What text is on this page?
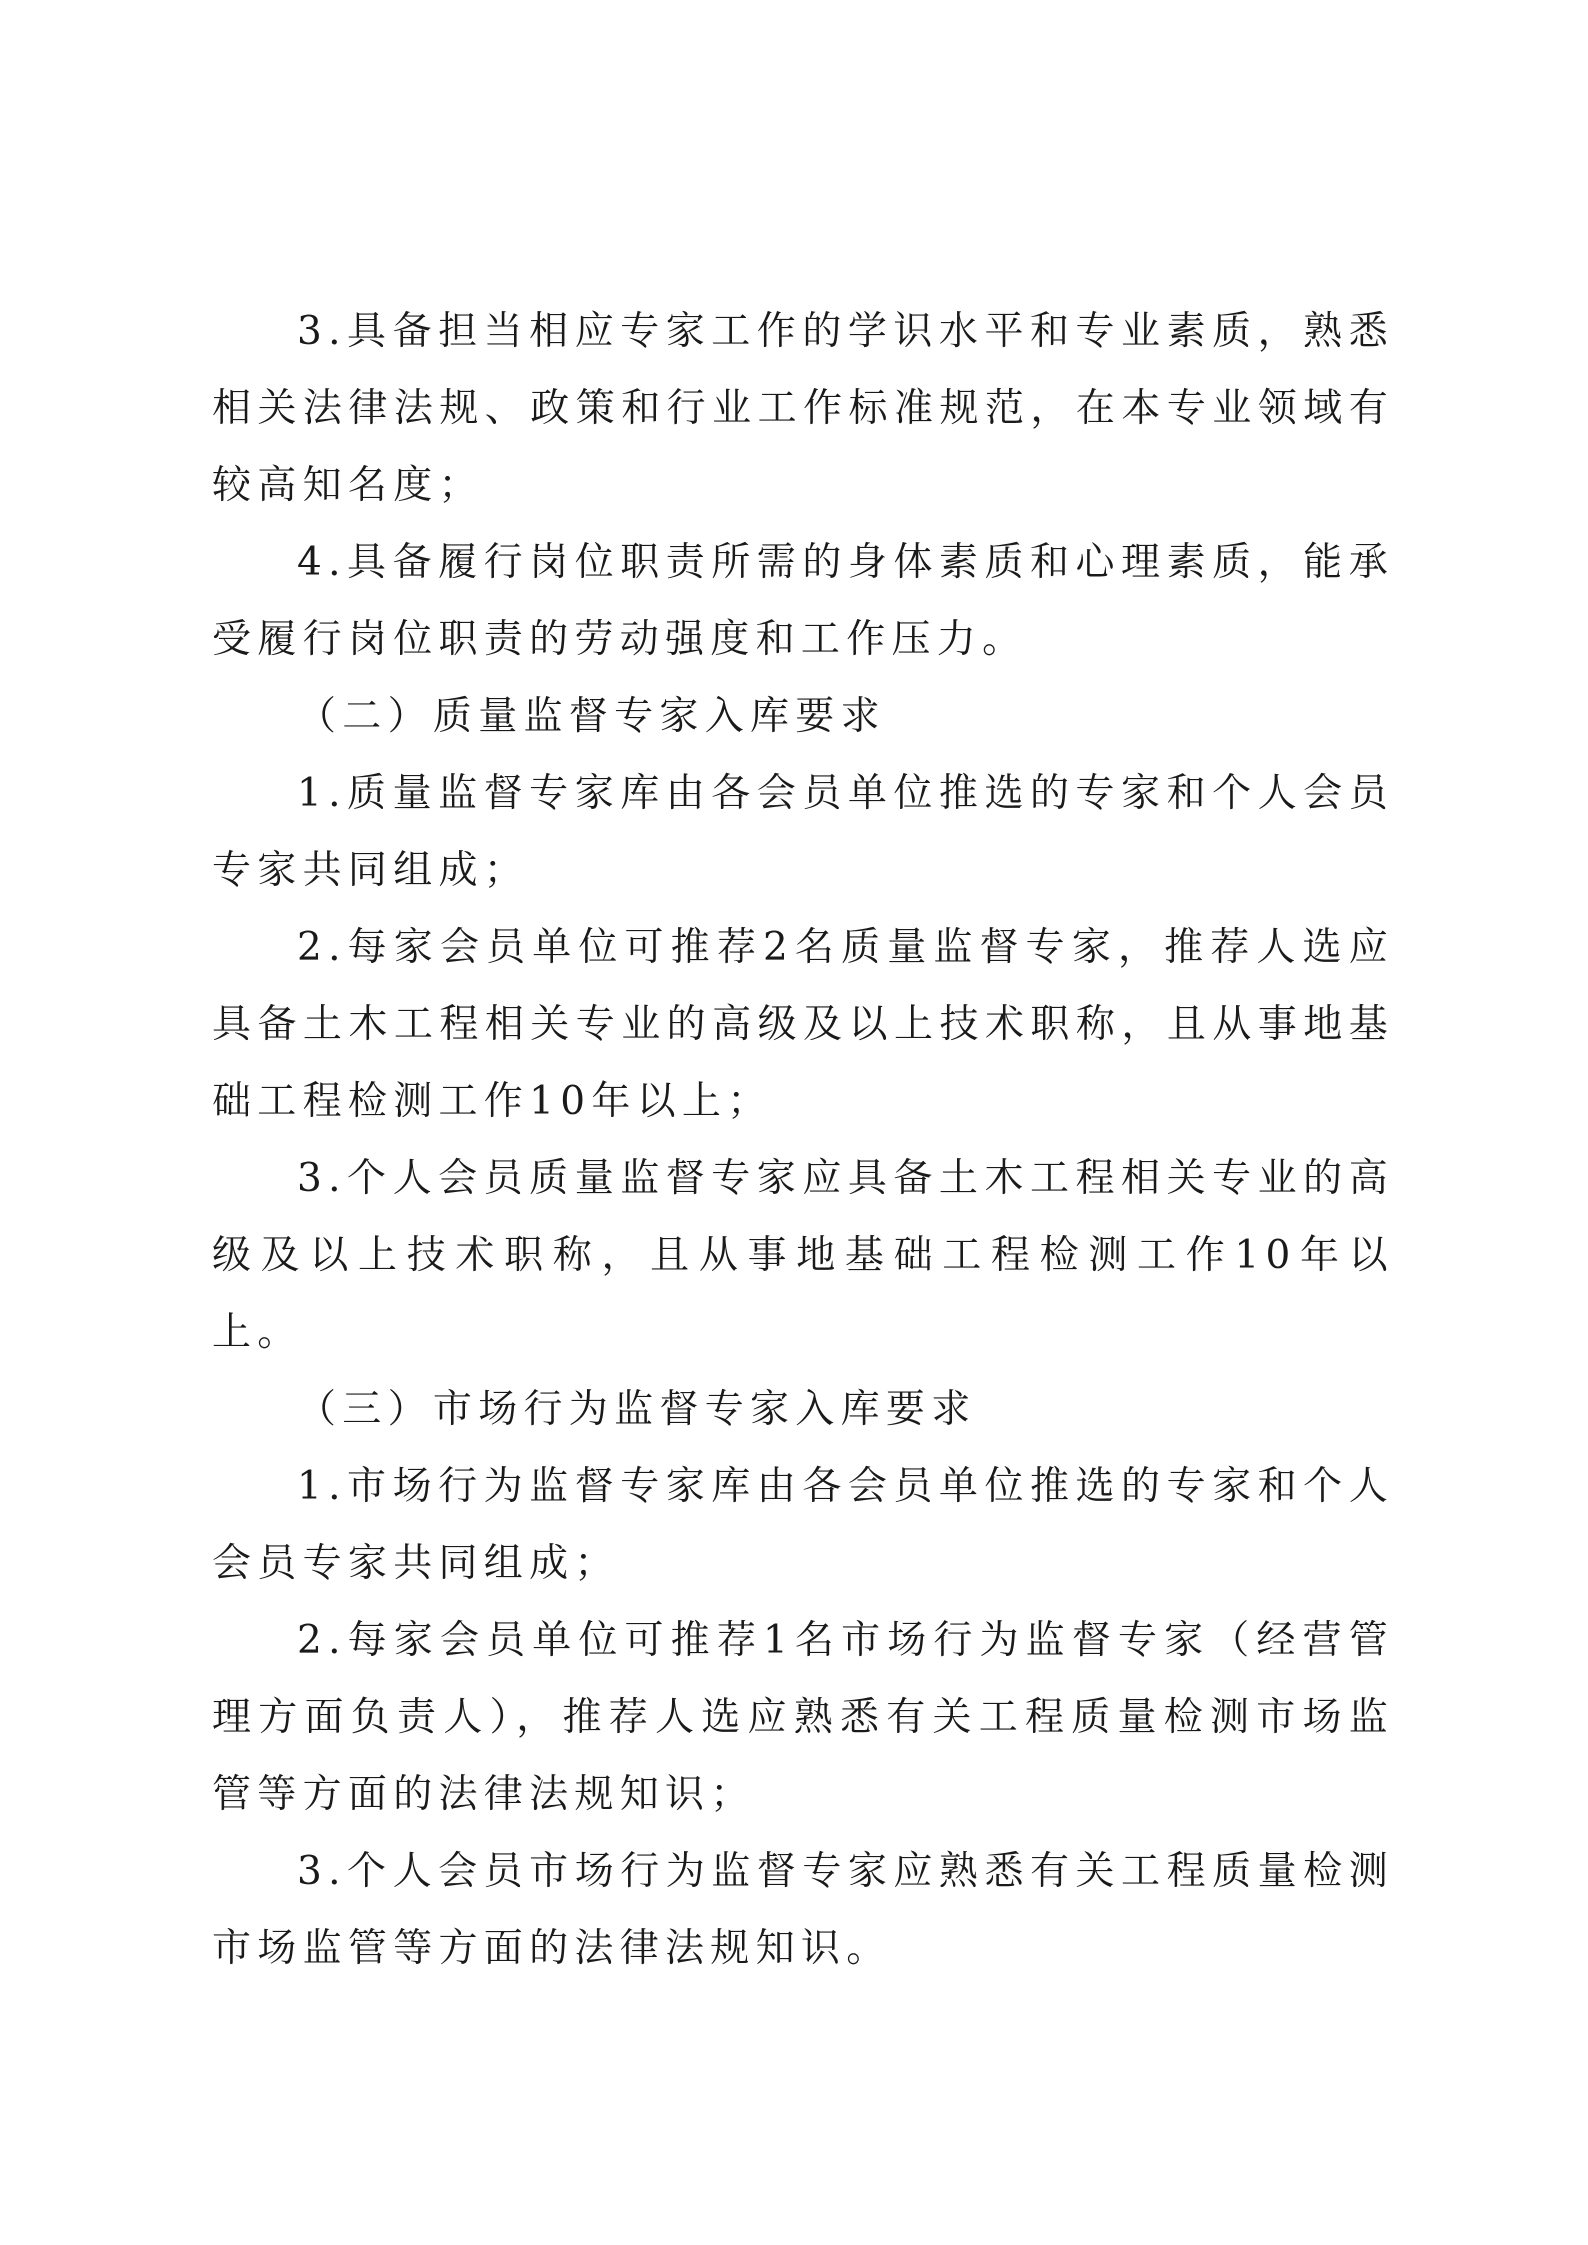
3.具备担当相应专家工作的学识水平和专业素质，熟悉相关法律法规、政策和行业工作标准规范，在本专业领域有较高知名度；

4.具备履行岗位职责所需的身体素质和心理素质，能承受履行岗位职责的劳动强度和工作压力。

（二）质量监督专家入库要求

1.质量监督专家库由各会员单位推选的专家和个人会员专家共同组成；

2.每家会员单位可推荐2名质量监督专家，推荐人选应具备土木工程相关专业的高级及以上技术职称，且从事地基础工程检测工作10年以上；

3.个人会员质量监督专家应具备土木工程相关专业的高级及以上技术职称，且从事地基础工程检测工作10年以上。

（三）市场行为监督专家入库要求

1.市场行为监督专家库由各会员单位推选的专家和个人会员专家共同组成；

2.每家会员单位可推荐1名市场行为监督专家（经营管理方面负责人），推荐人选应熟悉有关工程质量检测市场监管等方面的法律法规知识；

3.个人会员市场行为监督专家应熟悉有关工程质量检测市场监管等方面的法律法规知识。
